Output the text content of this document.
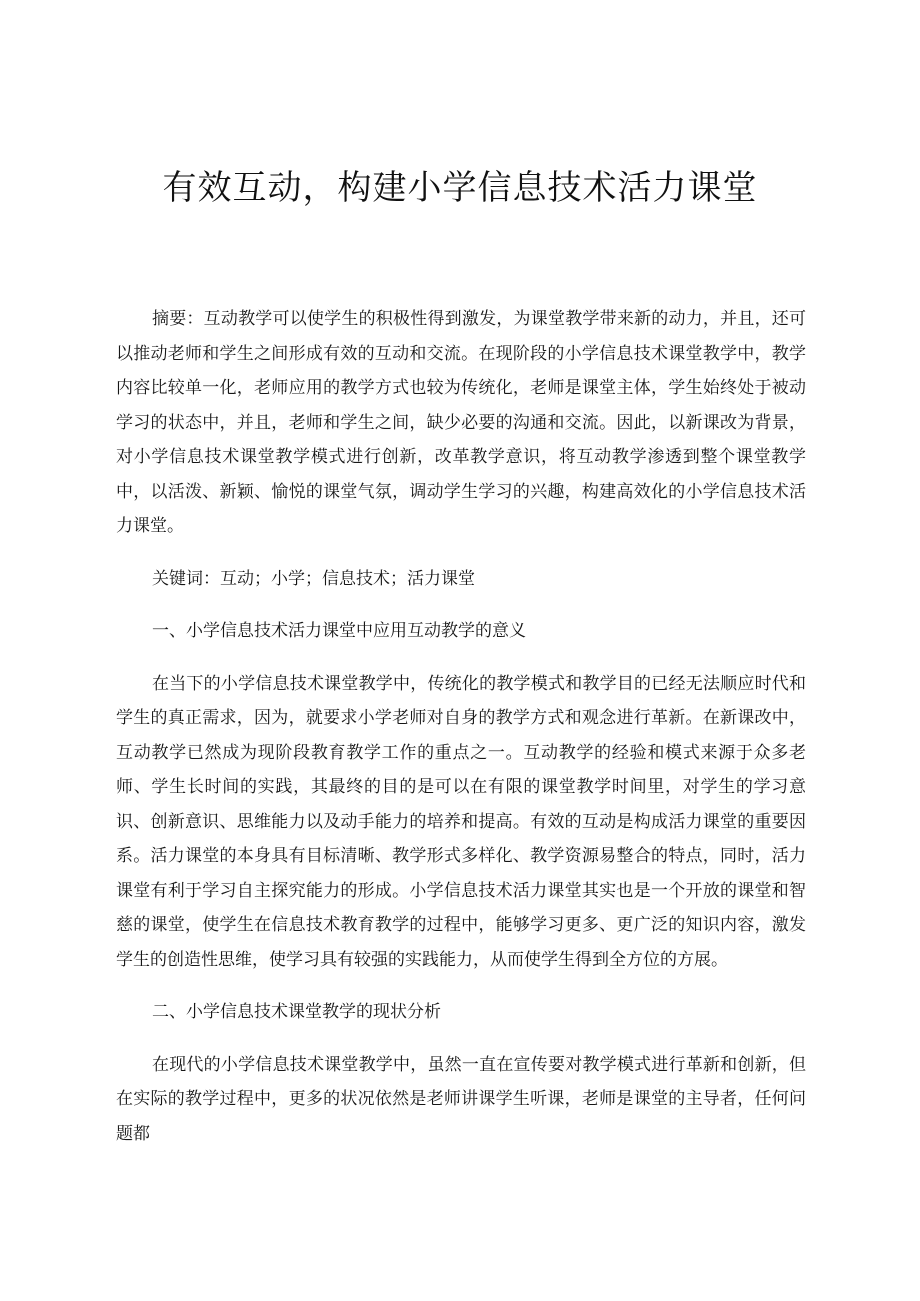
有效互动，构建小学信息技术活力课堂

摘要：互动教学可以使学生的积极性得到激发，为课堂教学带来新的动力，并且，还可以推动老师和学生之间形成有效的互动和交流。在现阶段的小学信息技术课堂教学中，教学内容比较单一化，老师应用的教学方式也较为传统化，老师是课堂主体，学生始终处于被动学习的状态中，并且，老师和学生之间，缺少必要的沟通和交流。因此，以新课改为背景，对小学信息技术课堂教学模式进行创新，改革教学意识，将互动教学渗透到整个课堂教学中，以活泼、新颖、愉悦的课堂气氛，调动学生学习的兴趣，构建高效化的小学信息技术活力课堂。

关键词：互动；小学；信息技术；活力课堂

一、小学信息技术活力课堂中应用互动教学的意义

在当下的小学信息技术课堂教学中，传统化的教学模式和教学目的已经无法顺应时代和学生的真正需求，因为，就要求小学老师对自身的教学方式和观念进行革新。在新课改中，互动教学已然成为现阶段教育教学工作的重点之一。互动教学的经验和模式来源于众多老师、学生长时间的实践，其最终的目的是可以在有限的课堂教学时间里，对学生的学习意识、创新意识、思维能力以及动手能力的培养和提高。有效的互动是构成活力课堂的重要因系。活力课堂的本身具有目标清晰、教学形式多样化、教学资源易整合的特点，同时，活力课堂有利于学习自主探究能力的形成。小学信息技术活力课堂其实也是一个开放的课堂和智慈的课堂，使学生在信息技术教育教学的过程中，能够学习更多、更广泛的知识内容，激发学生的创造性思维，使学习具有较强的实践能力，从而使学生得到全方位的方展。

二、小学信息技术课堂教学的现状分析

在现代的小学信息技术课堂教学中，虽然一直在宣传要对教学模式进行革新和创新，但在实际的教学过程中，更多的状况依然是老师讲课学生听课，老师是课堂的主导者，任何问题都
